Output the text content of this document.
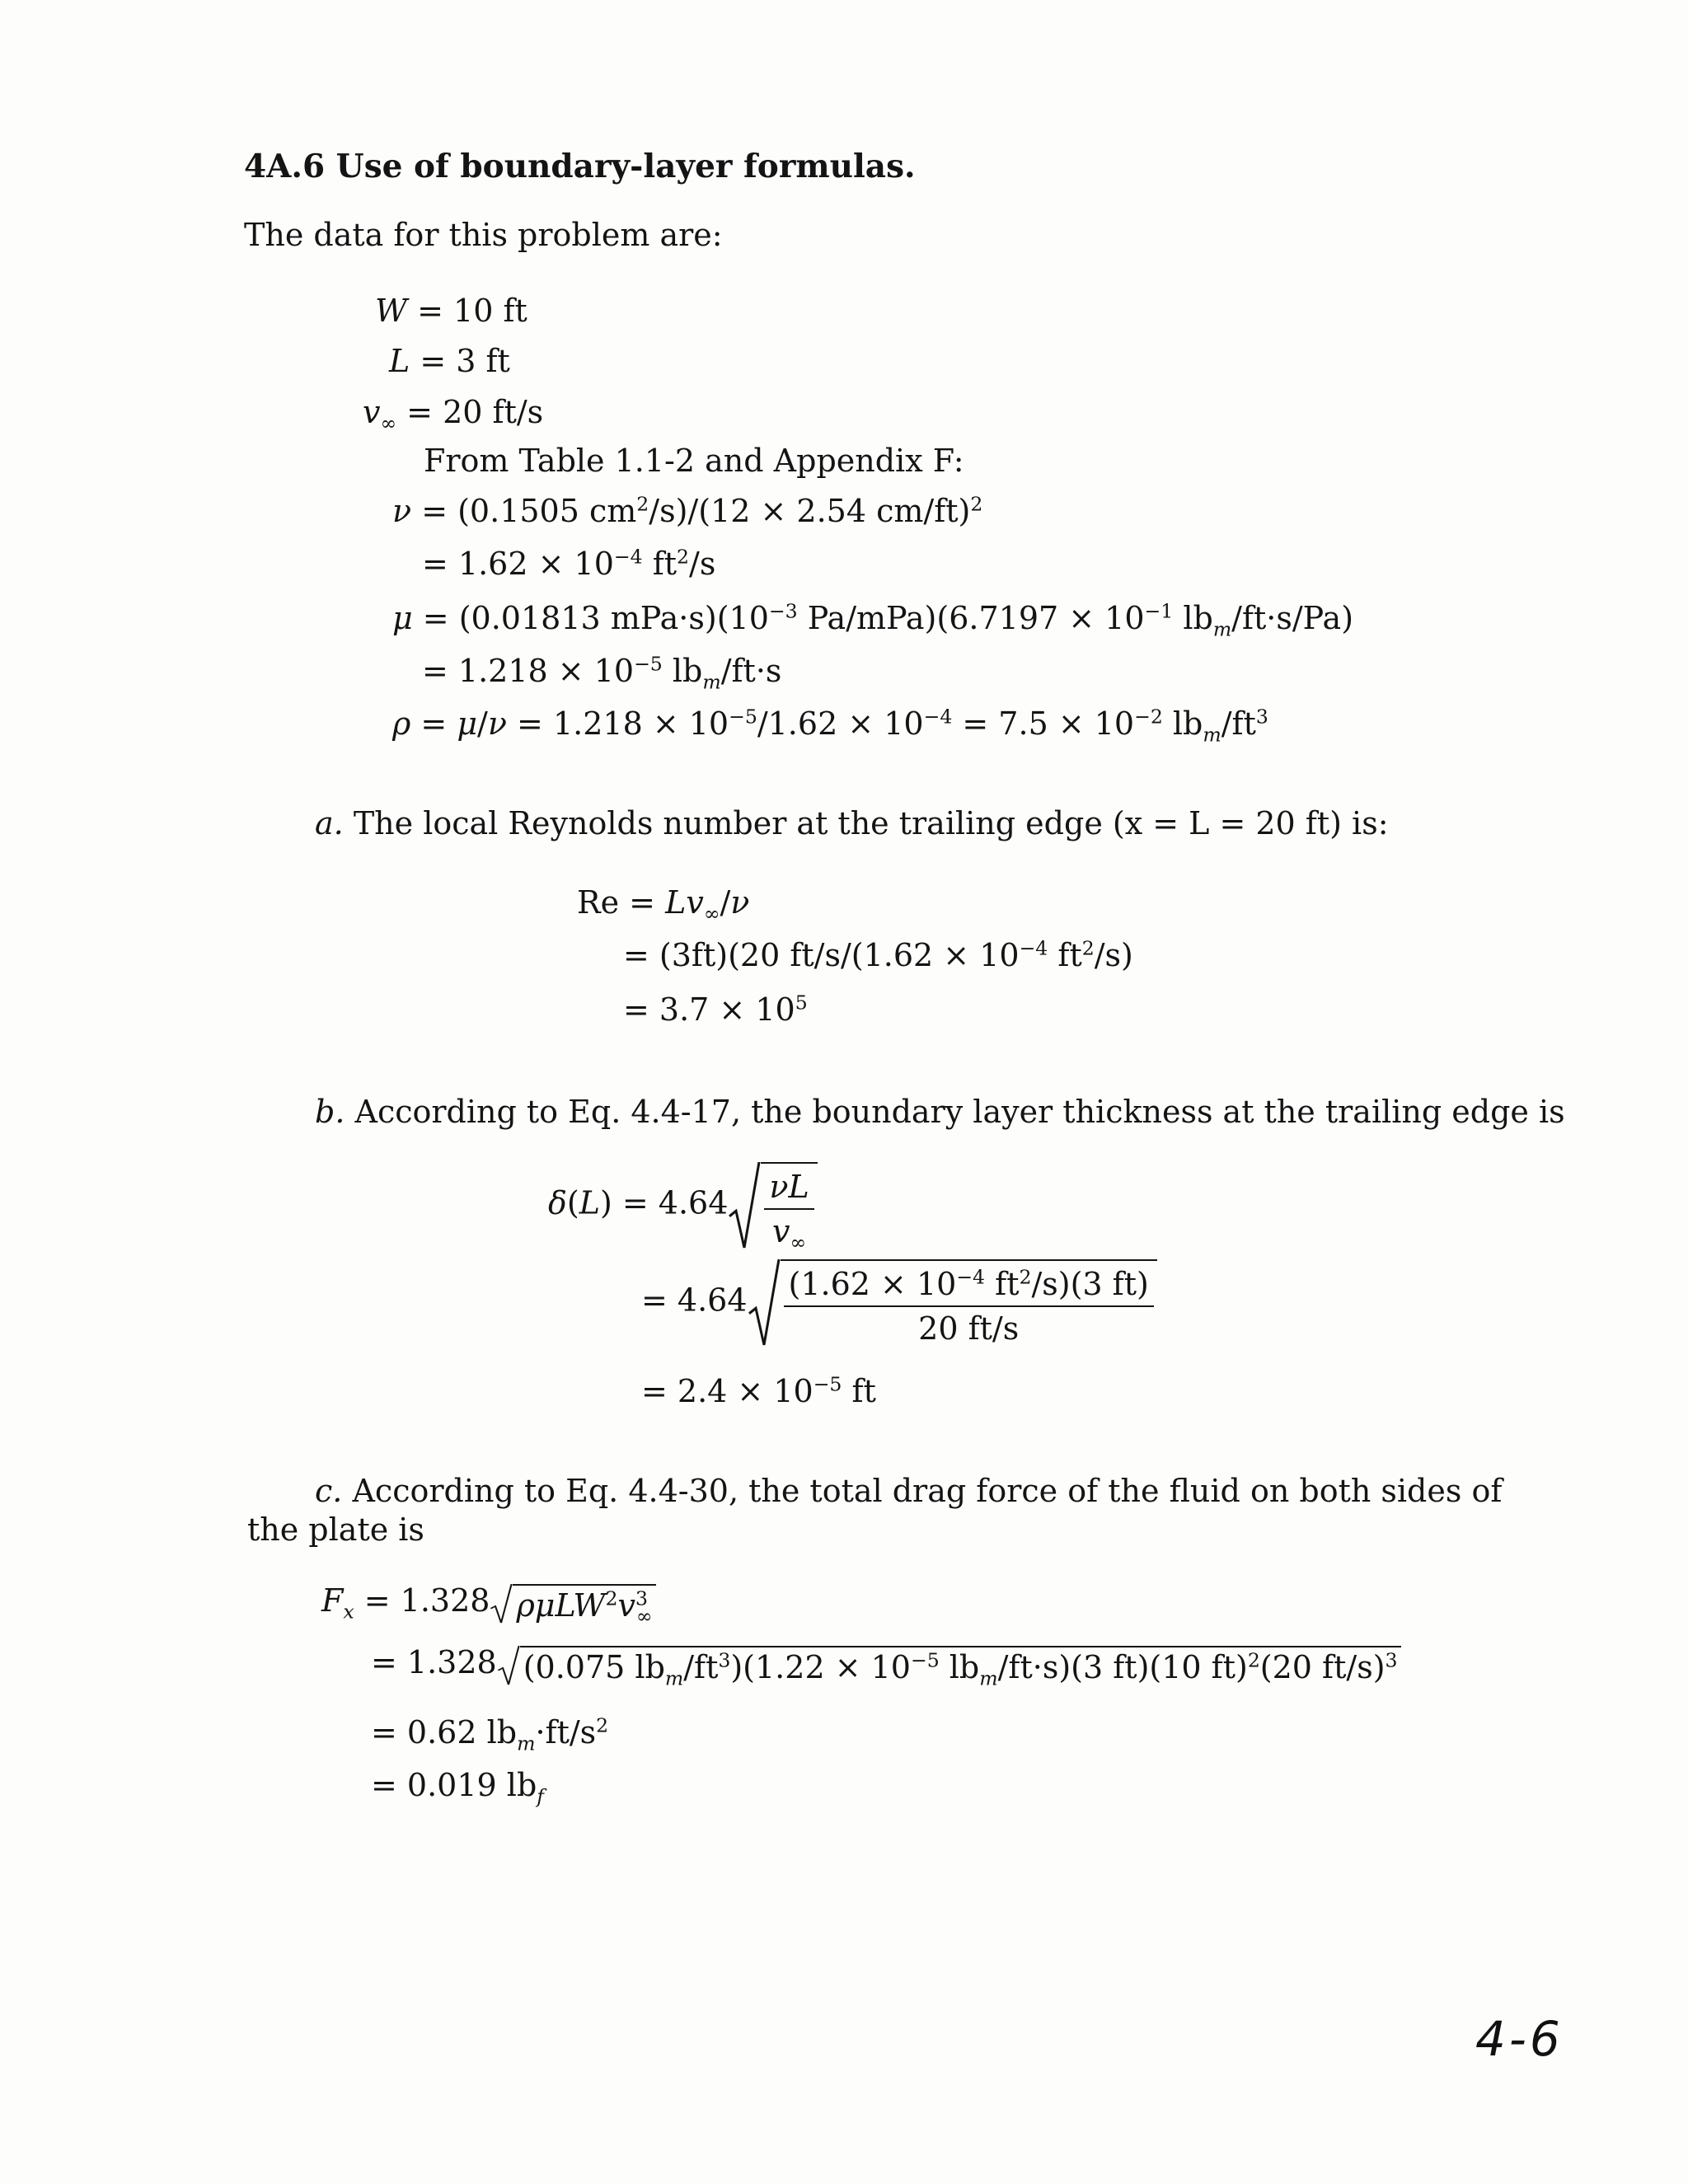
4A.6 Use of boundary-layer formulas.
The data for this problem are:
W = 10 ft
L = 3 ft
$v_\infty = 20$ ft/s
From Table 1.1-2 and Appendix F:
ν = (0.1505 $cm^2/s)/(12 \times 2.54$ cm/ft)$^2$
= $1.62 \times 10^{-4}$ $ft^2/s$
μ = (0.01813 $mPa\cdot s)(10^{-3}$ $Pa/mPa)(6.7197 \times 10^{-1}$ $lb_m/ft\cdot s/Pa$)
= $1.218 \times 10^{-5}$ $lb_m/ft\cdot s$
$\rho = \mu/\nu = 1.218 \times 10^{-5}/1.62 \times 10^{-4} = 7.5 \times 10^{-2}$ $lb_m/ft^3$
a. The local Reynolds number at the trailing edge (x = L = 20 ft) is:
$Re = Lv_\infty/\nu$
= (3ft)(20 $ft/s/(1.62 \times 10^{-4}$ $ft^2/s$)
= $3.7 \times 10^5$
b. According to Eq. 4.4-17, the boundary layer thickness at the trailing edge is
$\delta(L) = 4.64 \frac{\nu L}{v_\infty}$
= $4.64 \frac{(1.62 \times 10^{-4} ft^2/s)(3 ft)}{20 ft/s}$
= $2.4 \times 10^{-5}$ ft
c. According to Eq. 4.4-30, the total drag force of the fluid on both sides of
the plate is
$F_x = 1.328$ $\rho\mu LW^2v^3_\infty$
= 1.328 (0.075 $lb_m/ft^3)(1.22 \times 10^{-5}$ $lb_m/ft\cdot s)(3$ ft)(10 ft)$^2$(20 ft/s)$^3$
= 0.62 $lb_m\cdot ft/s^2$
= 0.019 $lb_f$
4-6
